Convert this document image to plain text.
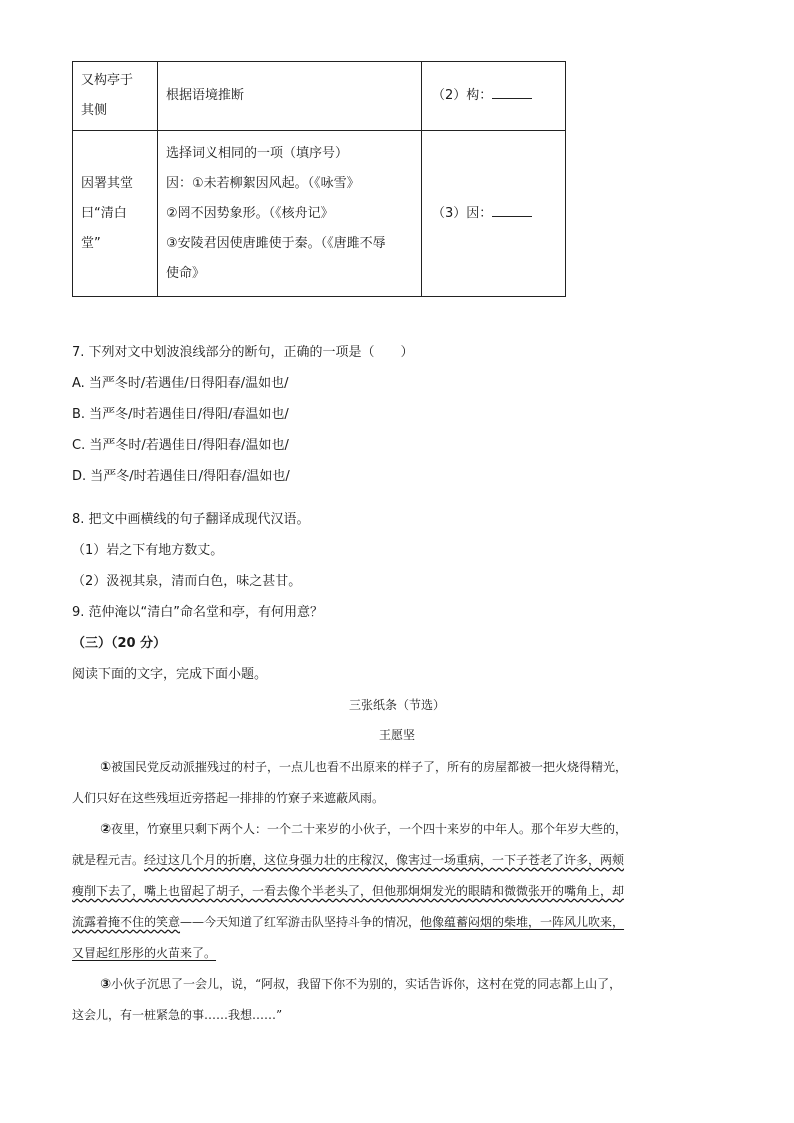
又构亭于
其侧	根据语境推断	（2）构：

因署其堂
曰“清白
堂”	选择词义相同的一项（填序号）
因：①未若柳絮因风起。（《咏雪》
②罔不因势象形。（《核舟记》
③安陵君因使唐雎使于秦。（《唐雎不辱
使命》	（3）因：
7. 下列对文中划波浪线部分的断句，正确的一项是（　　）
A. 当严冬时/若遇佳/日得阳春/温如也/
B. 当严冬/时若遇佳日/得阳/春温如也/
C. 当严冬时/若遇佳日/得阳春/温如也/
D. 当严冬/时若遇佳日/得阳春/温如也/
8. 把文中画横线的句子翻译成现代汉语。
（1）岩之下有地方数丈。
（2）汲视其泉，清而白色，味之甚甘。
9. 范仲淹以“清白”命名堂和亭，有何用意？
（三）（20 分）
阅读下面的文字，完成下面小题。
三张纸条（节选）
王愿坚
①被国民党反动派摧残过的村子，一点儿也看不出原来的样子了，所有的房屋都被一把火烧得精光，
人们只好在这些残垣近旁搭起一排排的竹寮子来遮蔽风雨。
②夜里，竹寮里只剩下两个人：一个二十来岁的小伙子，一个四十来岁的中年人。那个年岁大些的，
就是程元吉。经过这几个月的折磨，这位身强力壮的庄稼汉，像害过一场重病，一下子苍老了许多，两颊
瘦削下去了，嘴上也留起了胡子，一看去像个半老头了，但他那炯炯发光的眼睛和微微张开的嘴角上，却
流露着掩不住的笑意——今天知道了红军游击队坚持斗争的情况，他像蕴蓄闷烟的柴堆，一阵风儿吹来，
又冒起红彤彤的火苗来了。
③小伙子沉思了一会儿，说，“阿叔，我留下你不为别的，实话告诉你，这村在党的同志都上山了，
这会儿，有一桩紧急的事……我想……”
